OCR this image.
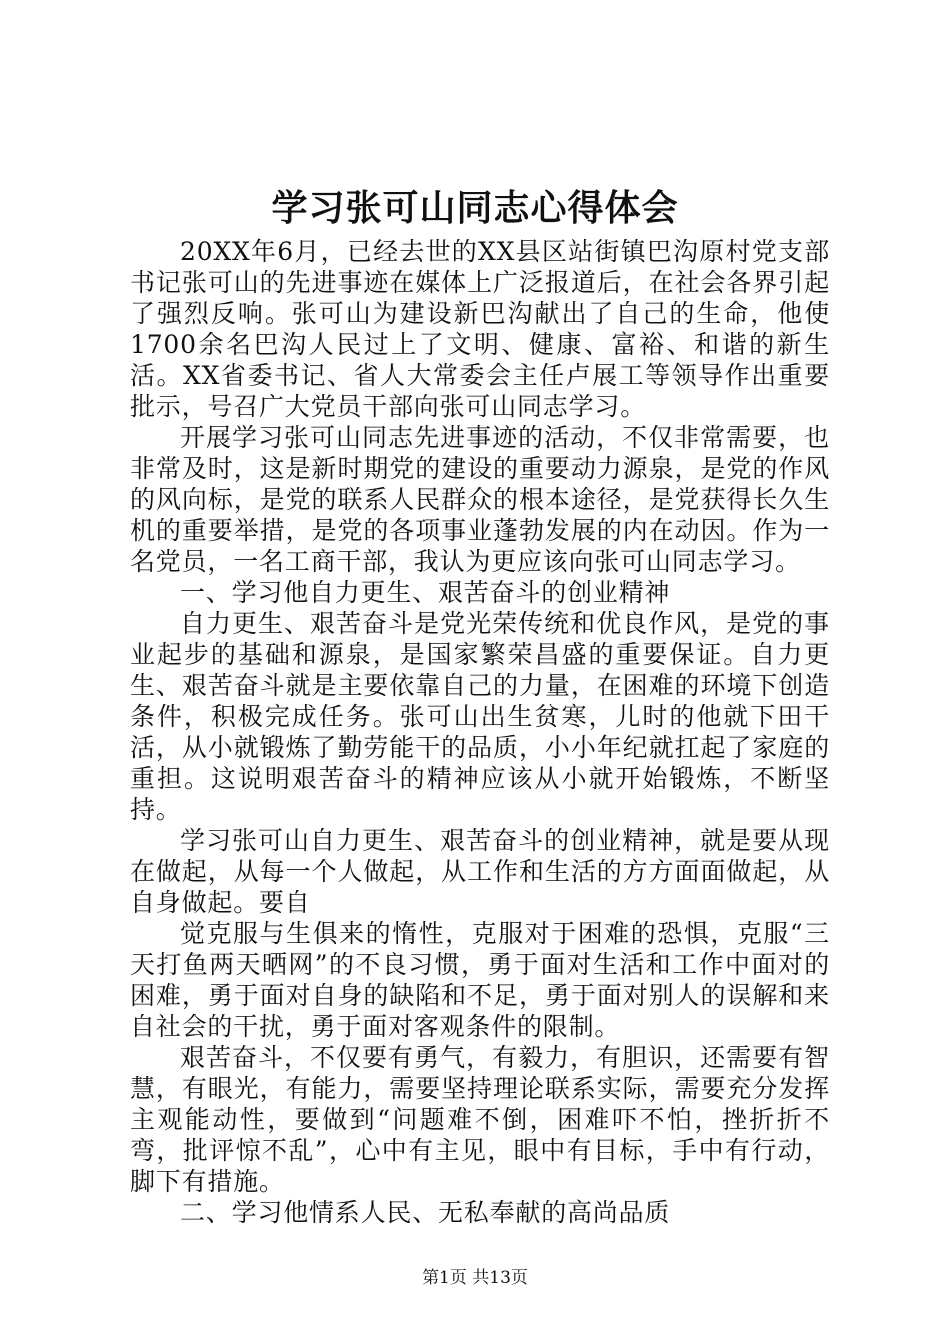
学习张可山同志心得体会

20XX年6月，已经去世的XX县区站街镇巴沟原村党支部书记张可山的先进事迹在媒体上广泛报道后，在社会各界引起了强烈反响。张可山为建设新巴沟献出了自己的生命，他使1700余名巴沟人民过上了文明、健康、富裕、和谐的新生活。XX省委书记、省人大常委会主任卢展工等领导作出重要批示，号召广大党员干部向张可山同志学习。

开展学习张可山同志先进事迹的活动，不仅非常需要，也非常及时，这是新时期党的建设的重要动力源泉，是党的作风的风向标，是党的联系人民群众的根本途径，是党获得长久生机的重要举措，是党的各项事业蓬勃发展的内在动因。作为一名党员，一名工商干部，我认为更应该向张可山同志学习。

一、学习他自力更生、艰苦奋斗的创业精神

自力更生、艰苦奋斗是党光荣传统和优良作风，是党的事业起步的基础和源泉，是国家繁荣昌盛的重要保证。自力更生、艰苦奋斗就是主要依靠自己的力量，在困难的环境下创造条件，积极完成任务。张可山出生贫寒，儿时的他就下田干活，从小就锻炼了勤劳能干的品质，小小年纪就扛起了家庭的重担。这说明艰苦奋斗的精神应该从小就开始锻炼，不断坚持。

学习张可山自力更生、艰苦奋斗的创业精神，就是要从现在做起，从每一个人做起，从工作和生活的方方面面做起，从自身做起。要自

觉克服与生俱来的惰性，克服对于困难的恐惧，克服“三天打鱼两天晒网”的不良习惯，勇于面对生活和工作中面对的困难，勇于面对自身的缺陷和不足，勇于面对别人的误解和来自社会的干扰，勇于面对客观条件的限制。

艰苦奋斗，不仅要有勇气，有毅力，有胆识，还需要有智慧，有眼光，有能力，需要坚持理论联系实际，需要充分发挥主观能动性，要做到“问题难不倒，困难吓不怕，挫折折不弯，批评惊不乱”，心中有主见，眼中有目标，手中有行动，脚下有措施。

二、学习他情系人民、无私奉献的高尚品质

第1页 共13页
